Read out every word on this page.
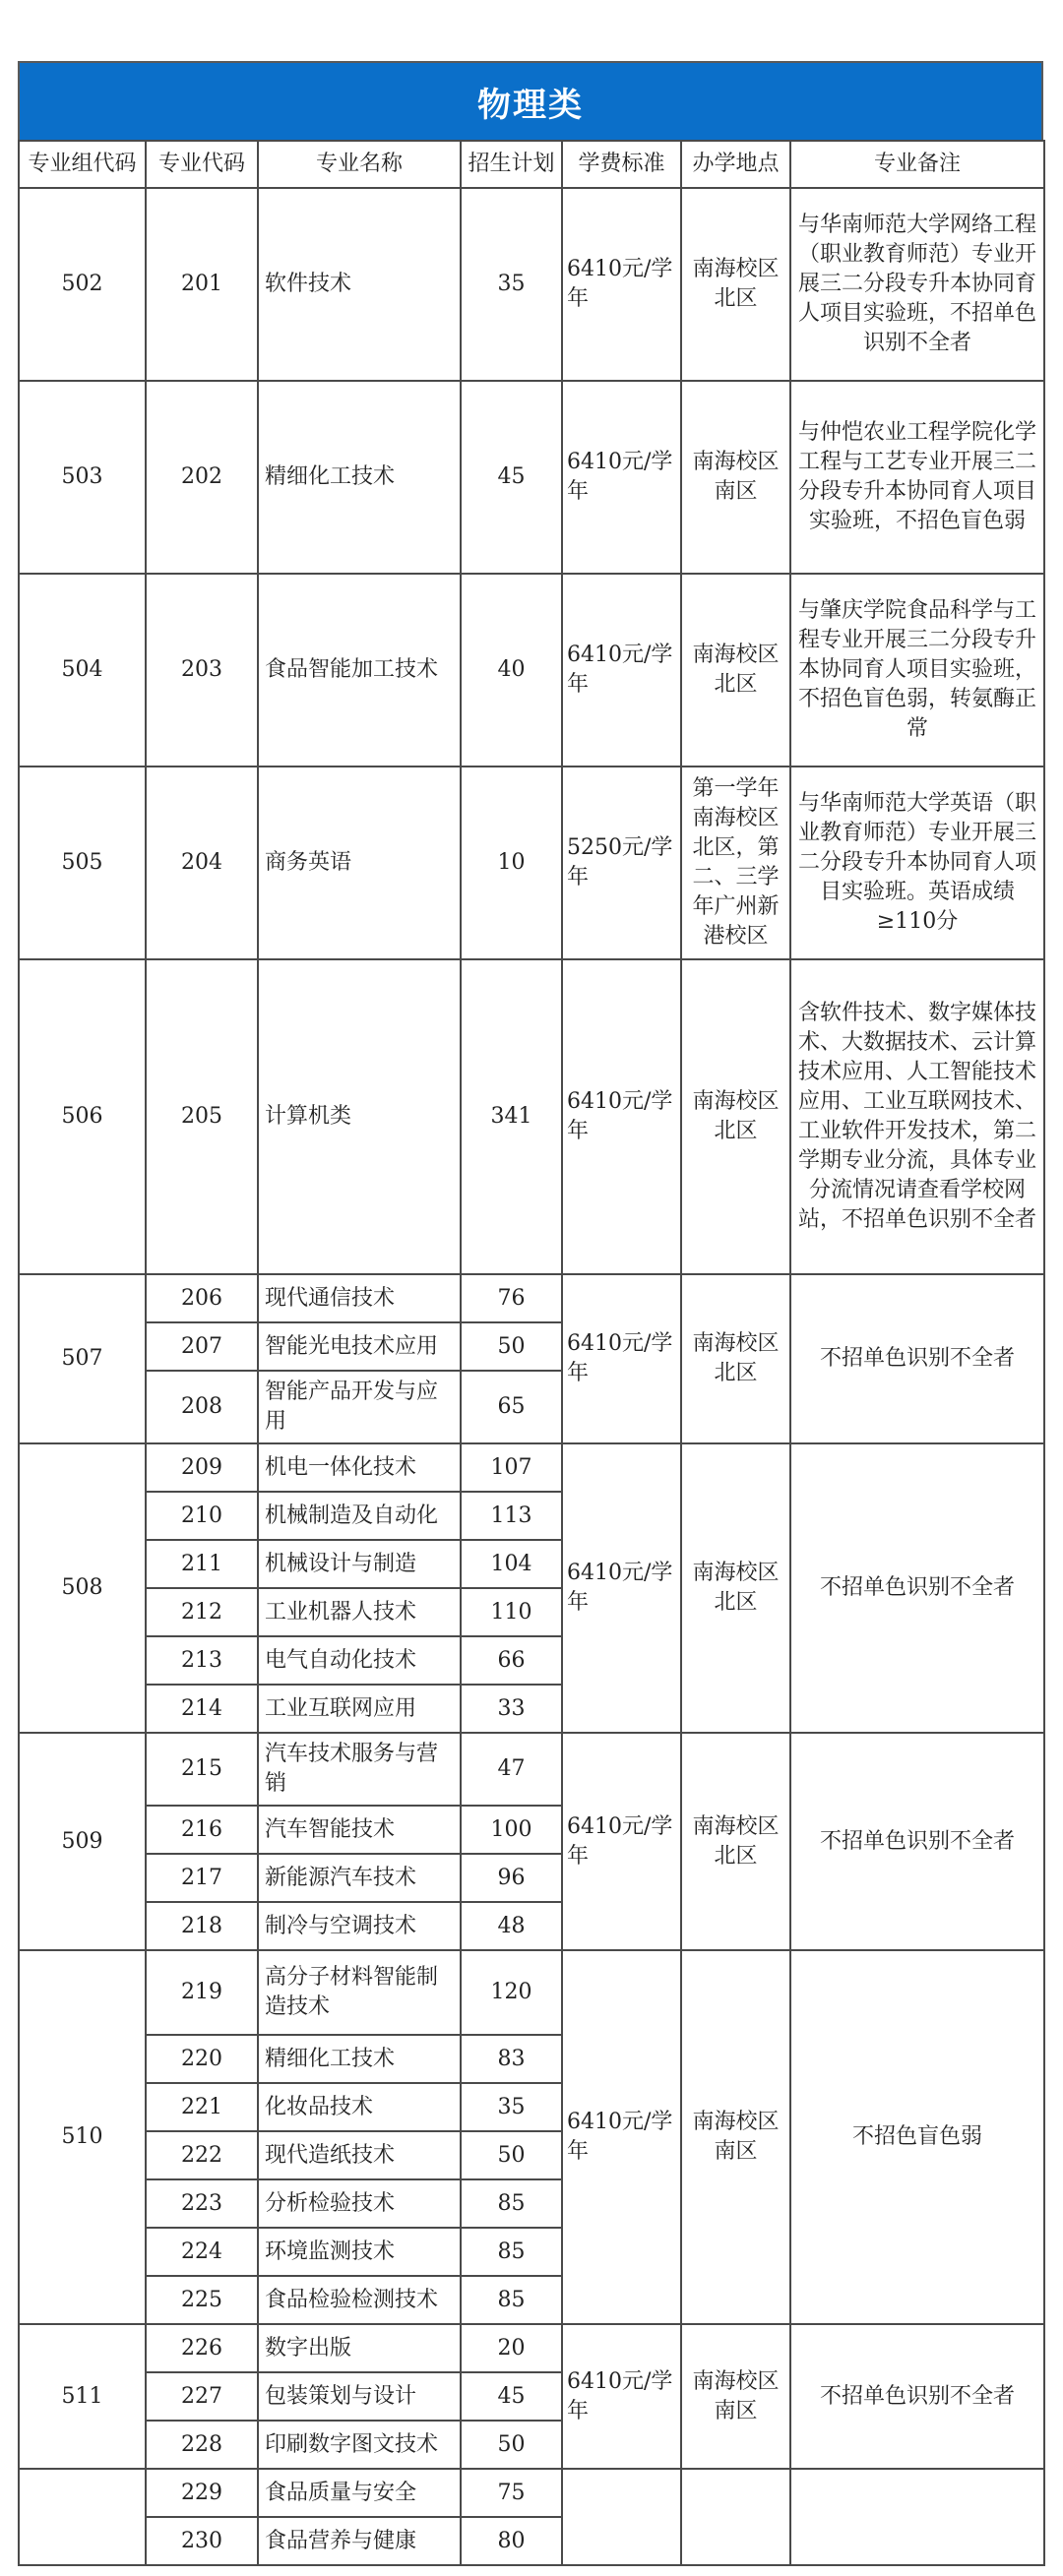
物理类
专业组代码	专业代码	专业名称	招生计划	学费标准	办学地点	专业备注
502	201	软件技术	35	6410元/学年	南海校区北区	与华南师范大学网络工程（职业教育师范）专业开展三二分段专升本协同育人项目实验班，不招单色识别不全者
503	202	精细化工技术	45	6410元/学年	南海校区南区	与仲恺农业工程学院化学工程与工艺专业开展三二分段专升本协同育人项目实验班，不招色盲色弱
504	203	食品智能加工技术	40	6410元/学年	南海校区北区	与肇庆学院食品科学与工程专业开展三二分段专升本协同育人项目实验班，不招色盲色弱，转氨酶正常
505	204	商务英语	10	5250元/学年	第一学年南海校区北区，第二、三学年广州新港校区	与华南师范大学英语（职业教育师范）专业开展三二分段专升本协同育人项目实验班。英语成绩≥110分
506	205	计算机类	341	6410元/学年	南海校区北区	含软件技术、数字媒体技术、大数据技术、云计算技术应用、人工智能技术应用、工业互联网技术、工业软件开发技术，第二学期专业分流，具体专业分流情况请查看学校网站，不招单色识别不全者
507	206	现代通信技术	76	6410元/学年	南海校区北区	不招单色识别不全者
	207	智能光电技术应用	50			
	208	智能产品开发与应用	65			
508	209	机电一体化技术	107	6410元/学年	南海校区北区	不招单色识别不全者
	210	机械制造及自动化	113			
	211	机械设计与制造	104			
	212	工业机器人技术	110			
	213	电气自动化技术	66			
	214	工业互联网应用	33			
509	215	汽车技术服务与营销	47	6410元/学年	南海校区北区	不招单色识别不全者
	216	汽车智能技术	100			
	217	新能源汽车技术	96			
	218	制冷与空调技术	48			
510	219	高分子材料智能制造技术	120	6410元/学年	南海校区南区	不招色盲色弱
	220	精细化工技术	83			
	221	化妆品技术	35			
	222	现代造纸技术	50			
	223	分析检验技术	85			
	224	环境监测技术	85			
	225	食品检验检测技术	85			
511	226	数字出版	20	6410元/学年	南海校区南区	不招单色识别不全者
	227	包装策划与设计	45			
	228	印刷数字图文技术	50			
	229	食品质量与安全	75			
	230	食品营养与健康	80			
